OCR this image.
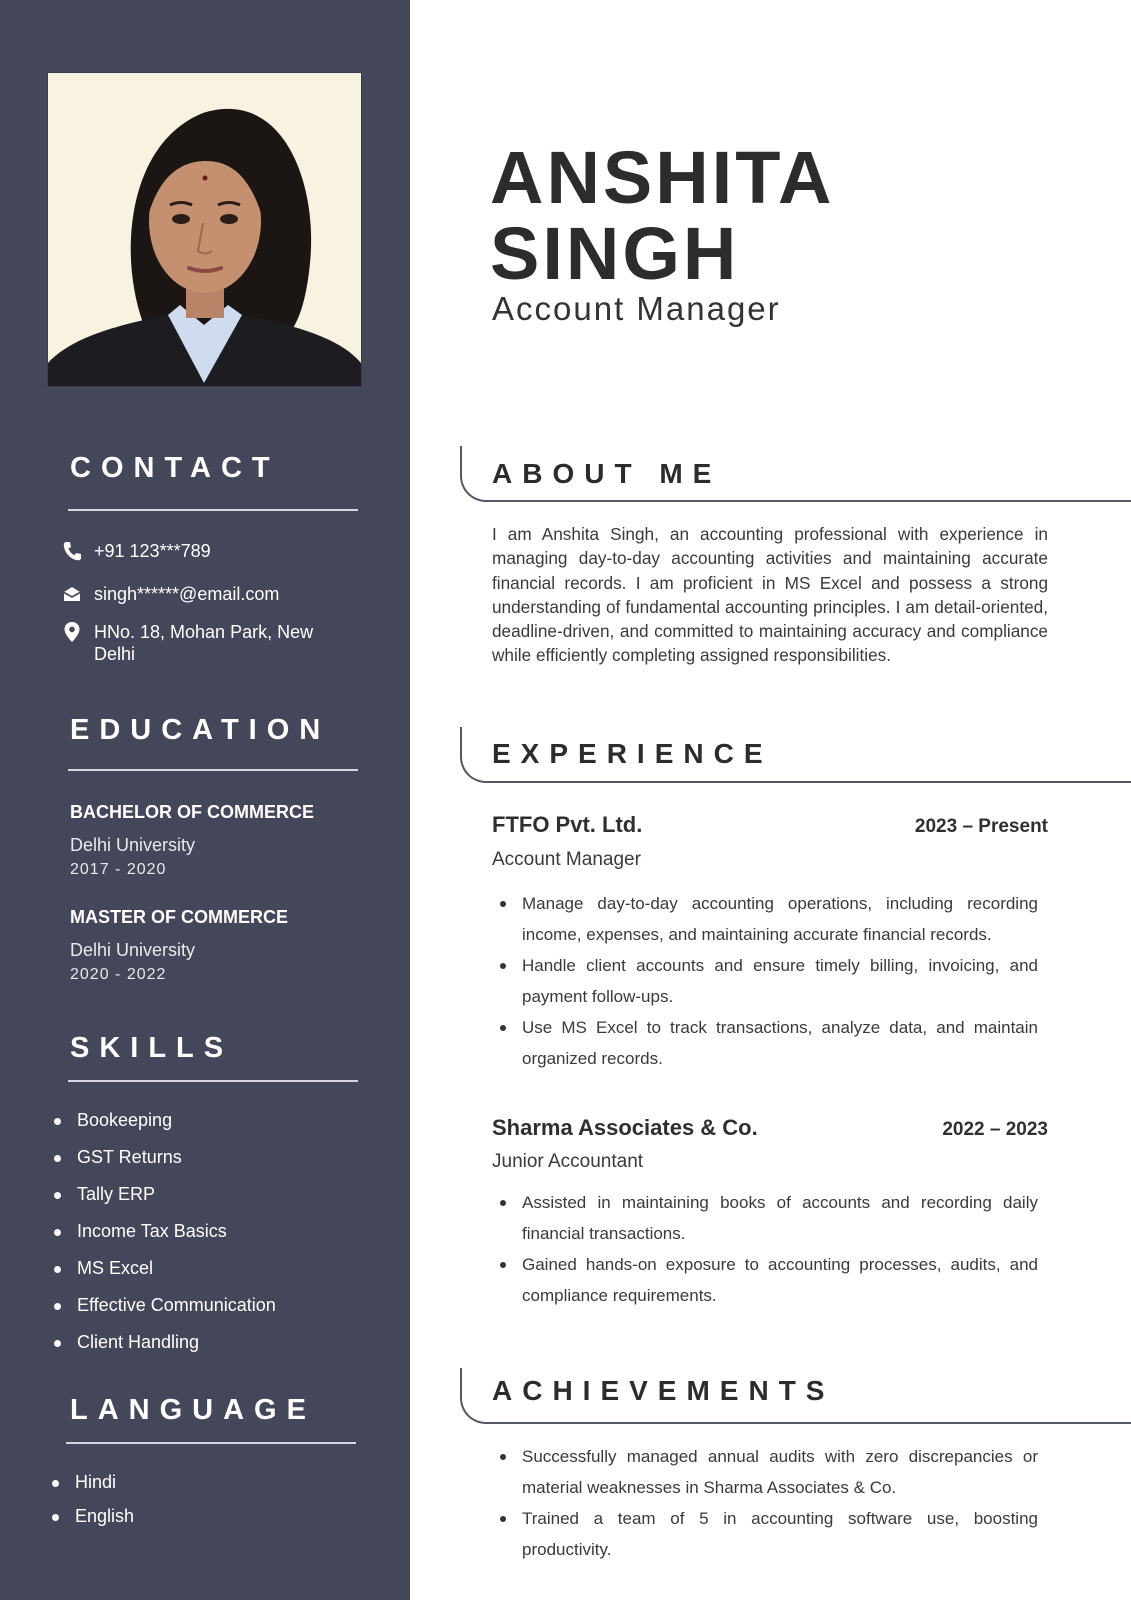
CONTACT
+91 123***789
singh******@email.com
HNo. 18, Mohan Park, New Delhi
EDUCATION
BACHELOR OF COMMERCE
Delhi University
2017 - 2020
MASTER OF COMMERCE
Delhi University
2020 - 2022
SKILLS
Bookeeping
GST Returns
Tally ERP
Income Tax Basics
MS Excel
Effective Communication
Client Handling
LANGUAGE
Hindi
English
ANSHITA
SINGH
Account Manager
ABOUT ME

I am Anshita Singh, an accounting professional with experience in managing day-to-day accounting activities and maintaining accurate financial records. I am proficient in MS Excel and possess a strong understanding of fundamental accounting principles. I am detail-oriented, deadline-driven, and committed to maintaining accuracy and compliance while efficiently completing assigned responsibilities.

EXPERIENCE
FTFO Pvt. Ltd.	2023 – Present
Account Manager
Manage day-to-day accounting operations, including recording income, expenses, and maintaining accurate financial records.
Handle client accounts and ensure timely billing, invoicing, and payment follow-ups.
Use MS Excel to track transactions, analyze data, and maintain organized records.
Sharma Associates & Co.	2022 – 2023
Junior Accountant
Assisted in maintaining books of accounts and recording daily financial transactions.
Gained hands-on exposure to accounting processes, audits, and compliance requirements.
ACHIEVEMENTS
Successfully managed annual audits with zero discrepancies or material weaknesses in Sharma Associates & Co.
Trained a team of 5 in accounting software use, boosting productivity.
